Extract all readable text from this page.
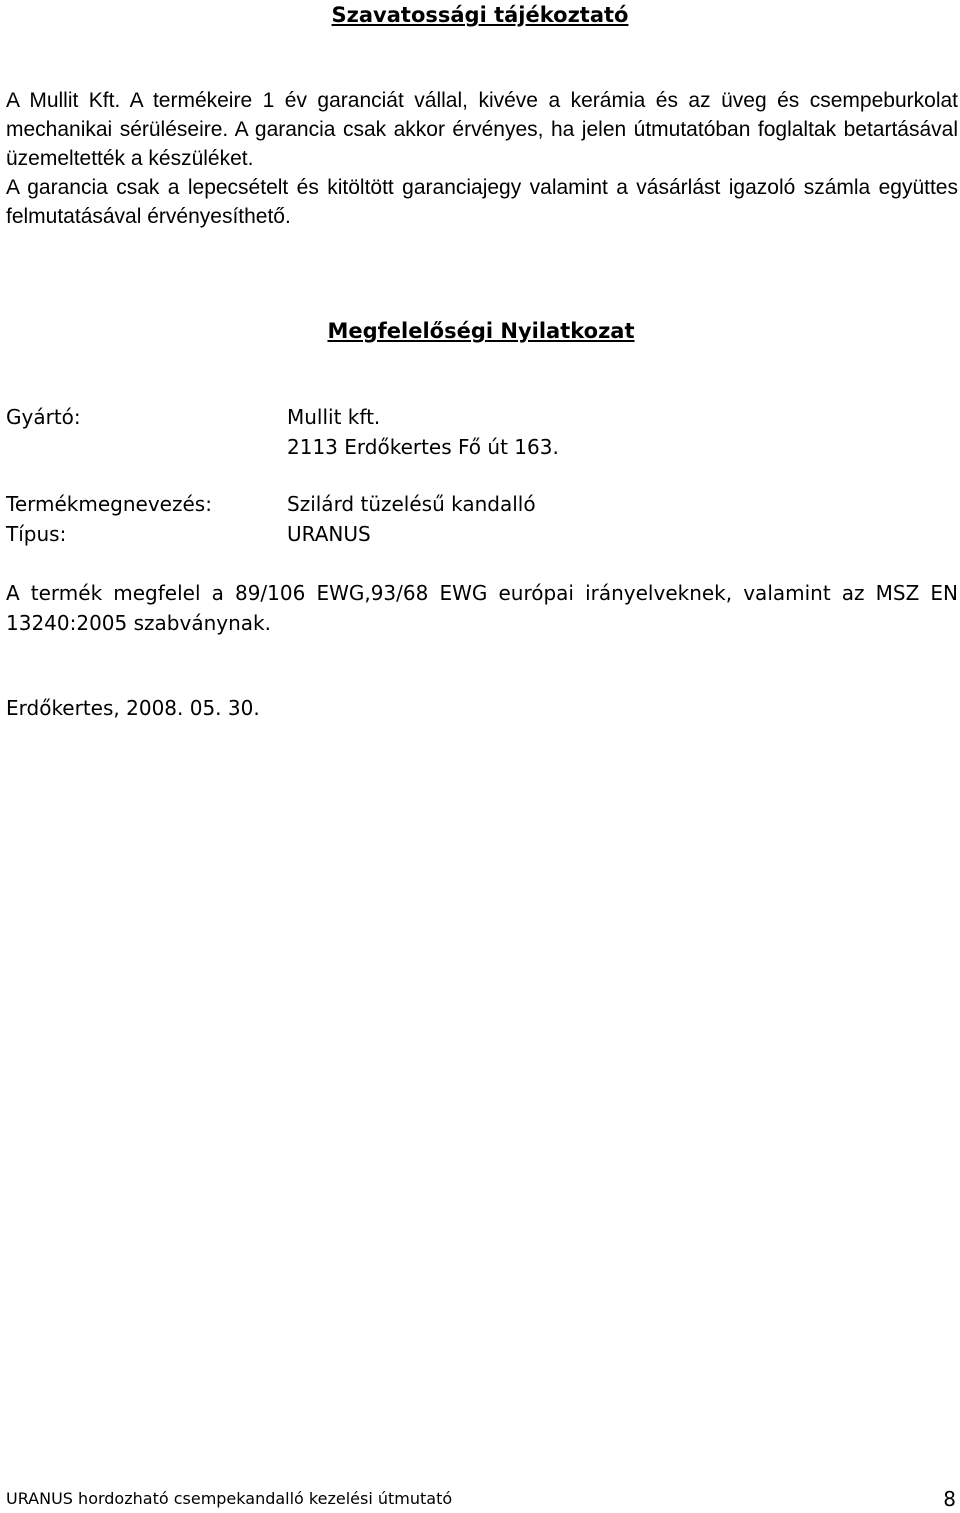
Szavatossági tájékoztató

A Mullit Kft. A termékeire 1 év garanciát vállal, kivéve a kerámia és az üveg és csempeburkolat mechanikai sérüléseire. A garancia csak akkor érvényes, ha jelen útmutatóban foglaltak betartásával üzemeltették a készüléket.

A garancia csak a lepecsételt és kitöltött garanciajegy valamint a vásárlást igazoló számla együttes felmutatásával érvényesíthető.

Megfelelőségi Nyilatkozat
Gyártó:	Mullit kft.
2113 Erdőkertes Fő út 163.
Termékmegnevezés:	Szilárd tüzelésű kandalló
Típus:	URANUS

A termék megfelel a 89/106 EWG,93/68 EWG európai irányelveknek, valamint az MSZ EN 13240:2005 szabványnak.

Erdőkertes, 2008. 05. 30.
URANUS hordozható csempekandalló kezelési útmutató	8
